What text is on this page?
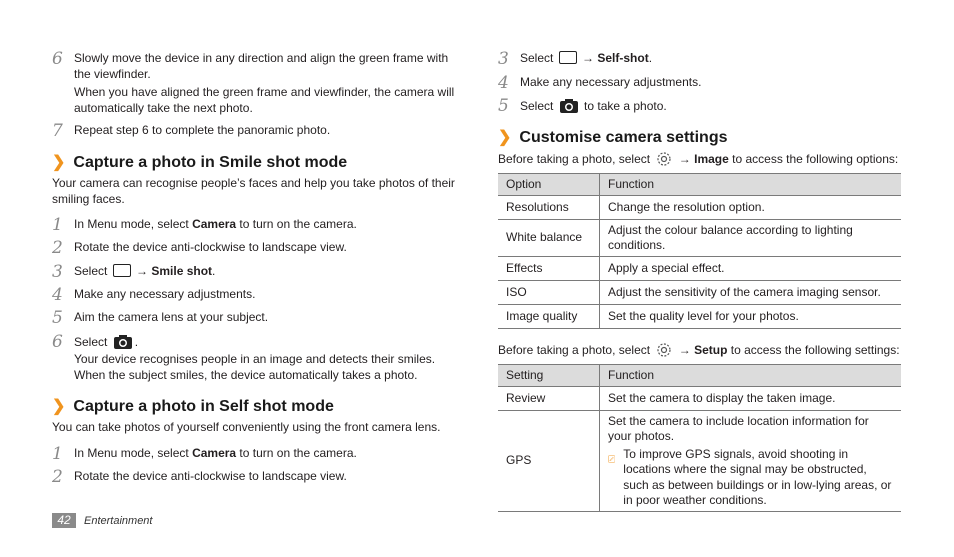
6 Slowly move the device in any direction and align the green frame with the viewfinder.
When you have aligned the green frame and viewfinder, the camera will automatically take the next photo.
7 Repeat step 6 to complete the panoramic photo.
❯ Capture a photo in Smile shot mode
Your camera can recognise people’s faces and help you take photos of their smiling faces.
1 In Menu mode, select Camera to turn on the camera.
2 Rotate the device anti-clockwise to landscape view.
3 Select  → Smile shot.
4 Make any necessary adjustments.
5 Aim the camera lens at your subject.
6 Select .
Your device recognises people in an image and detects their smiles. When the subject smiles, the device automatically takes a photo.
❯ Capture a photo in Self shot mode
You can take photos of yourself conveniently using the front camera lens.
1 In Menu mode, select Camera to turn on the camera.
2 Rotate the device anti-clockwise to landscape view.
3 Select  → Self-shot.
4 Make any necessary adjustments.
5 Select  to take a photo.
❯ Customise camera settings
Before taking a photo, select  → Image to access the following options:
Option	Function
Resolutions	Change the resolution option.
White balance	Adjust the colour balance according to lighting conditions.
Effects	Apply a special effect.
ISO	Adjust the sensitivity of the camera imaging sensor.
Image quality	Set the quality level for your photos.
Before taking a photo, select  → Setup to access the following settings:
Setting	Function
Review	Set the camera to display the taken image.
GPS	Set the camera to include location information for your photos.
To improve GPS signals, avoid shooting in locations where the signal may be obstructed, such as between buildings or in low-lying areas, or in poor weather conditions.
42	Entertainment
